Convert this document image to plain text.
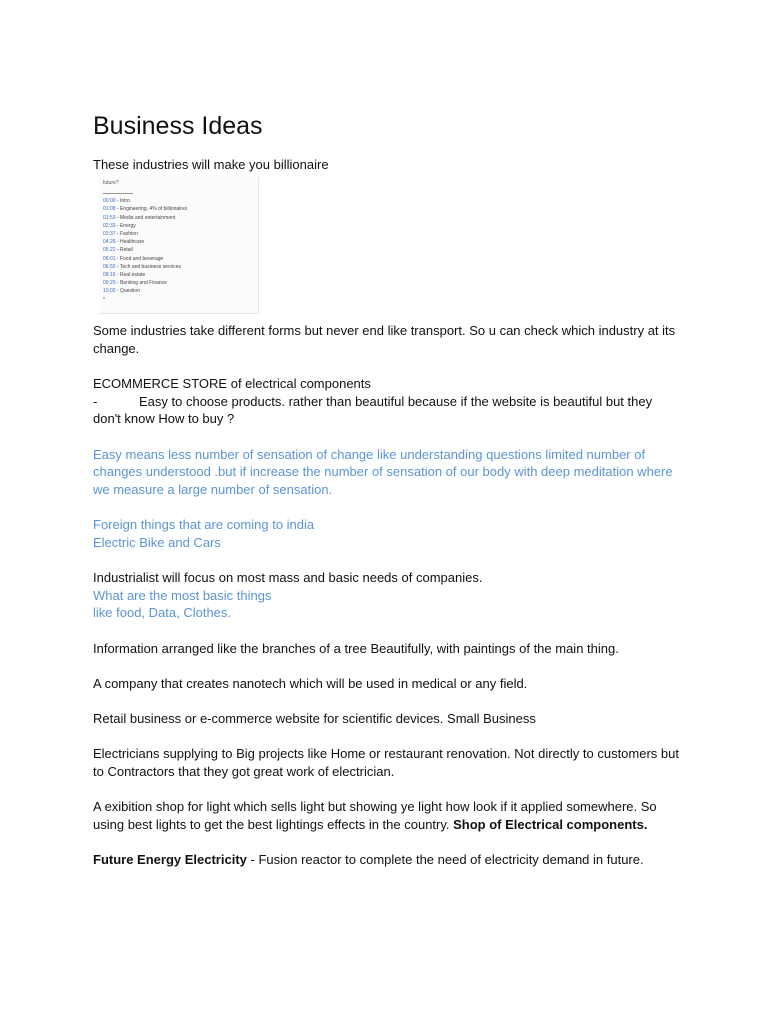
Business Ideas

These industries will make you billionaire

future?
00:00 - Intro
01:08 - Engineering, 4% of billionaires
01:53 - Media and entertainment
02:33 - Energy
03:37 - Fashion
04:26 - Healthcare
05:22 - Retail
06:01 - Food and beverage
06:55 - Tech and business services
08:16 - Real estate
09:20 - Banking and Finance
10:02 - Question
*

Some industries take different forms but never end like transport. So u can check which industry at its change.

ECOMMERCE STORE of electrical components
-	Easy to choose products. rather than beautiful because if the website is beautiful but they don't know How to buy ?

Easy means less number of sensation of change like understanding questions limited number of changes understood .but if increase the number of sensation of our body with deep meditation where we measure a large number of sensation.

Foreign things that are coming to india
Electric Bike and Cars

Industrialist will focus on most mass and basic needs of companies.
What are the most basic things
like food, Data, Clothes.

Information arranged like the branches of a tree Beautifully, with paintings of the main thing.

A company that creates nanotech which will be used in medical or any field.

Retail business or e-commerce website for scientific devices. Small Business

Electricians supplying to Big projects like Home or restaurant renovation. Not directly to customers but to Contractors that they got great work of electrician.

A exibition shop for light which sells light but showing ye light how look if it applied somewhere. So using best lights to get the best lightings effects in the country. Shop of Electrical components.

Future Energy Electricity - Fusion reactor to complete the need of electricity demand in future.
